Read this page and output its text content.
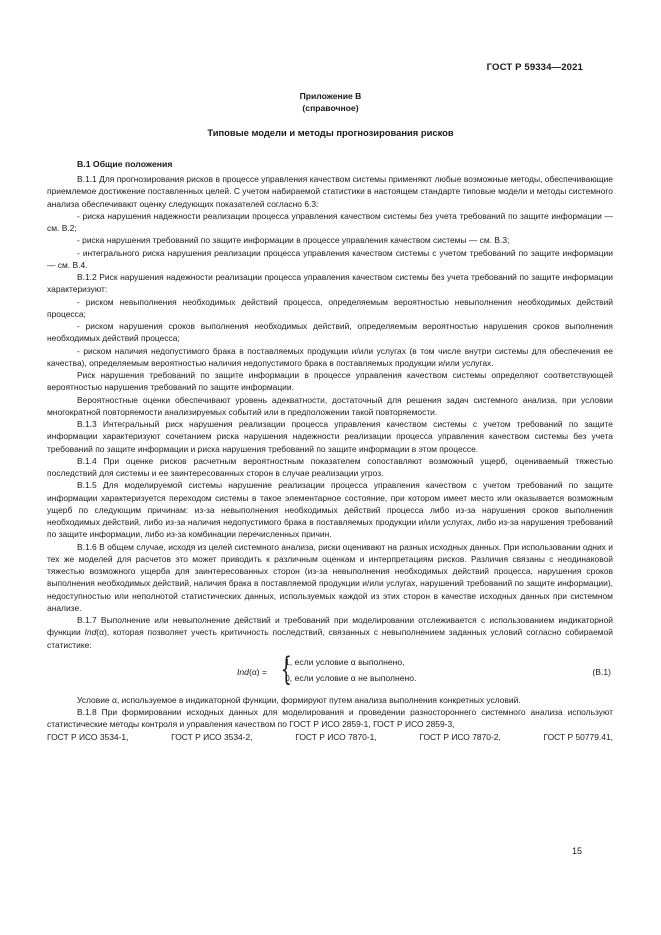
ГОСТ Р 59334—2021
Приложение В
(справочное)
Типовые модели и методы прогнозирования рисков
В.1 Общие положения

В.1.1 Для прогнозирования рисков в процессе управления качеством системы применяют любые возможные методы, обеспечивающие приемлемое достижение поставленных целей. С учетом набираемой статистики в настоящем стандарте типовые модели и методы системного анализа обеспечивают оценку следующих показателей согласно 6.3:

- риска нарушения надежности реализации процесса управления качеством системы без учета требований по защите информации — см. В.2;

- риска нарушения требований по защите информации в процессе управления качеством системы — см. В.3;

- интегрального риска нарушения реализации процесса управления качеством системы с учетом требований по защите информации — см. В.4.

В.1.2 Риск нарушения надежности реализации процесса управления качеством системы без учета требований по защите информации характеризуют:

- риском невыполнения необходимых действий процесса, определяемым вероятностью невыполнения необходимых действий процесса;

- риском нарушения сроков выполнения необходимых действий, определяемым вероятностью нарушения сроков выполнения необходимых действий процесса;

- риском наличия недопустимого брака в поставляемых продукции и/или услугах (в том числе внутри системы для обеспечения ее качества), определяемым вероятностью наличия недопустимого брака в поставляемых продукции и/или услугах.

Риск нарушения требований по защите информации в процессе управления качеством системы определяют соответствующей вероятностью нарушения требований по защите информации.

Вероятностные оценки обеспечивают уровень адекватности, достаточный для решения задач системного анализа, при условии многократной повторяемости анализируемых событий или в предположении такой повторяемости.

В.1.3 Интегральный риск нарушения реализации процесса управления качеством системы с учетом требований по защите информации характеризуют сочетанием риска нарушения надежности реализации процесса управления качеством системы без учета требований по защите информации и риска нарушения требований по защите информации в этом процессе.

В.1.4 При оценке рисков расчетным вероятностным показателем сопоставляют возможный ущерб, оцениваемый тяжестью последствий для системы и ее заинтересованных сторон в случае реализации угроз.

В.1.5 Для моделируемой системы нарушение реализации процесса управления качеством с учетом требований по защите информации характеризуется переходом системы в такое элементарное состояние, при котором имеет место или оказывается возможным ущерб по следующим причинам: из-за невыполнения необходимых действий процесса либо из-за нарушения сроков выполнения необходимых действий, либо из-за наличия недопустимого брака в поставляемых продукции и/или услугах, либо из-за нарушения требований по защите информации, либо из-за комбинации перечисленных причин.

В.1.6 В общем случае, исходя из целей системного анализа, риски оценивают на разных исходных данных. При использовании одних и тех же моделей для расчетов это может приводить к различным оценкам и интерпретациям рисков. Различия связаны с неодинаковой тяжестью возможного ущерба для заинтересованных сторон (из-за невыполнения необходимых действий процесса, нарушения сроков выполнения необходимых действий, наличия брака в поставляемой продукции и/или услугах, нарушений требований по защите информации), недоступностью или неполнотой статистических данных, используемых каждой из этих сторон в качестве исходных данных при системном анализе.

В.1.7 Выполнение или невыполнение действий и требований при моделировании отслеживается с использованием индикаторной функции Ind(α), которая позволяет учесть критичность последствий, связанных с невыполнением заданных условий согласно собираемой статистике:

Ind(α) = {
1, если условие α выполнено,
0, если условие α не выполнено.
(В.1)

Условие α, используемое в индикаторной функции, формируют путем анализа выполнения конкретных условий.

В.1.8 При формировании исходных данных для моделирования и проведении разностороннего системного анализа используют статистические методы контроля и управления качеством по ГОСТ Р ИСО 2859-1, ГОСТ Р ИСО 2859-3,

ГОСТ Р ИСО 3534-1,	ГОСТ Р ИСО 3534-2,	ГОСТ Р ИСО 7870-1,	ГОСТ Р ИСО 7870-2,	ГОСТ Р 50779.41,
15
